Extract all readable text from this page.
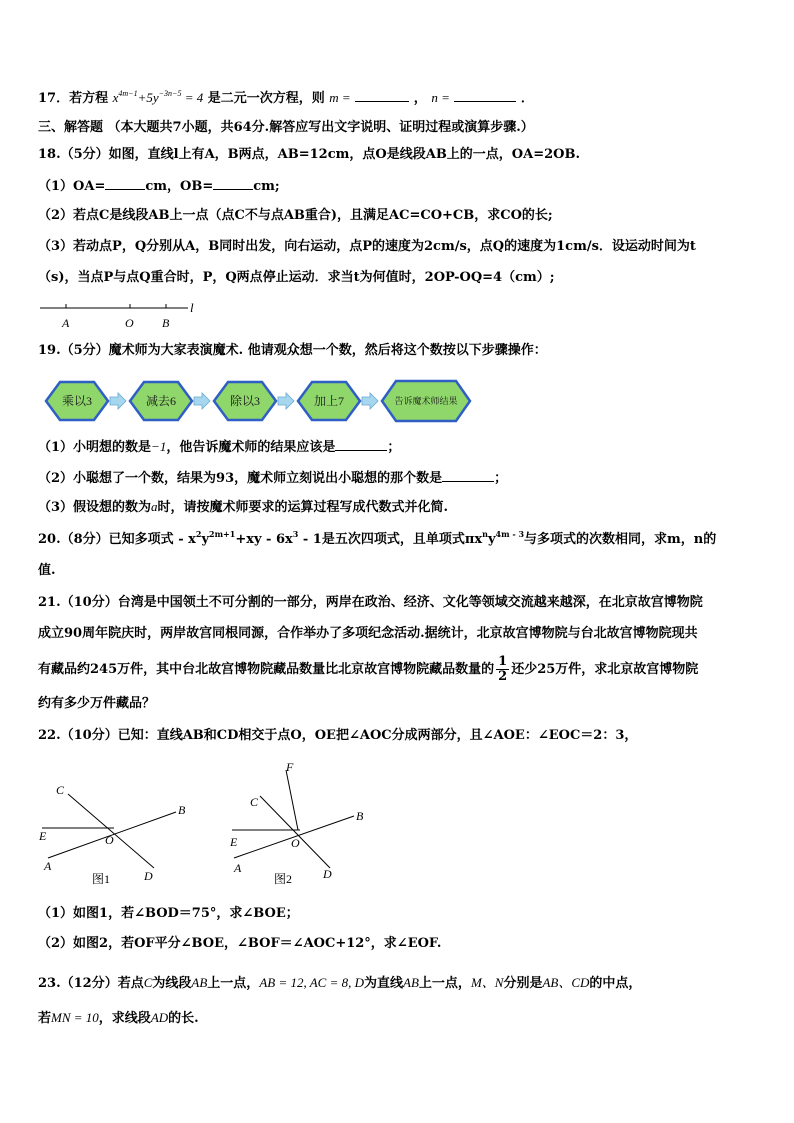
17．若方程 $x^{4m-1}+5y^{-3n-5} = 4$ 是二元一次方程，则 m =	， n =	．
三、解答题 （本大题共7小题，共64分.解答应写出文字说明、证明过程或演算步骤.）
18.（5分）如图，直线l上有A，B两点，AB=12cm，点O是线段AB上的一点，OA=2OB.
（1）OA=	cm，OB=	cm;
（2）若点C是线段AB上一点（点C不与点AB重合)，且满足AC=CO+CB，求CO的长;
（3）若动点P，Q分别从A，B同时出发，向右运动，点P的速度为2cm/s，点Q的速度为1cm/s．设运动时间为t
（s)，当点P与点Q重合时，P，Q两点停止运动．求当t为何值时，2OP-OQ=4（cm）;
A	O B
l
19.（5分）魔术师为大家表演魔术. 他请观众想一个数，然后将这个数按以下步骤操作：
乘以3	减去6	除以3	加上7	告诉魔术师结果
（1）小明想的数是−1，他告诉魔术师的结果应该是	；
（2）小聪想了一个数，结果为93，魔术师立刻说出小聪想的那个数是	；
（3）假设想的数为a时，请按魔术师要求的运算过程写成代数式并化简.
20.（8分）已知多项式 - $x^2y^{2m+1}+xy - 6x^3 - 1$是五次四项式，且单项式$\pi x^ny^{4m - 3}$与多项式的次数相同，求m，n的
值.
21.（10分）台湾是中国领土不可分割的一部分，两岸在政治、经济、文化等领域交流越来越深，在北京故宫博物院
成立90周年院庆时，两岸故宫同根同源，合作举办了多项纪念活动.据统计，北京故宫博物院与台北故宫博物院现共
有藏品约245万件，其中台北故宫博物院藏品数量比北京故宫博物院藏品数量的 $\frac{1}{2}$ 还少25万件，求北京故宫博物院
约有多少万件藏品？
22.（10分）已知：直线AB和CD相交于点O，OE把∠AOC分成两部分，且∠AOE：∠EOC＝2：3，
C
B
E	O
A
D
图1
F
C
B
E	O
A	D
图2
（1）如图1，若∠BOD＝75°，求∠BOE；
（2）如图2，若OF平分∠BOE，∠BOF＝∠AOC+12°，求∠EOF.
23.（12分）若点C为线段AB上一点，AB = 12, AC = 8, D为直线AB上一点，M、N分别是AB、CD的中点，
若MN = 10，求线段AD的长.
